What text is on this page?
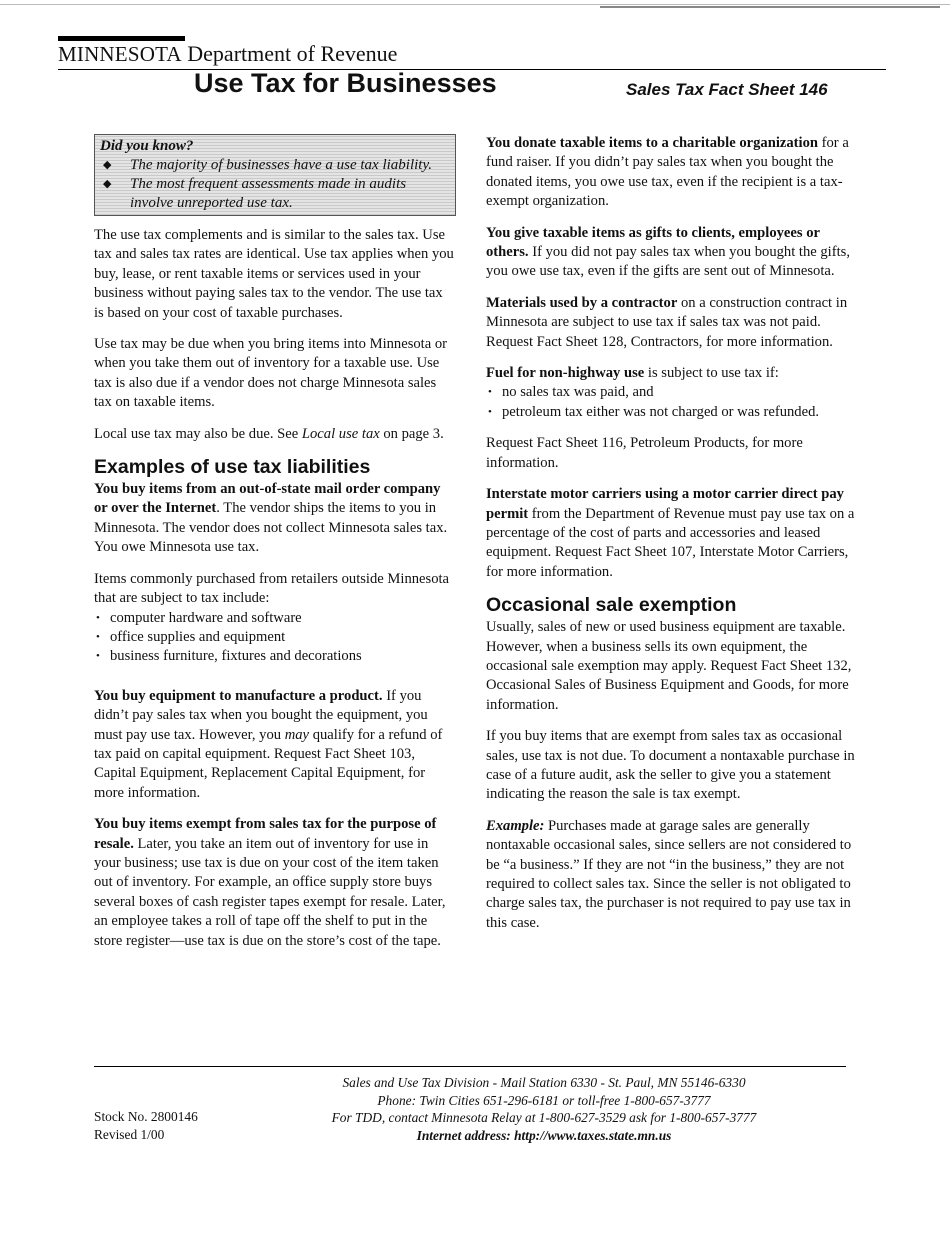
MINNESOTA Department of Revenue
Use Tax for Businesses	Sales Tax Fact Sheet 146
Did you know?
◆ The majority of businesses have a use tax liability.
◆ The most frequent assessments made in audits involve unreported use tax.

The use tax complements and is similar to the sales tax. Use tax and sales tax rates are identical. Use tax applies when you buy, lease, or rent taxable items or services used in your business without paying sales tax to the vendor. The use tax is based on your cost of taxable purchases.

Use tax may be due when you bring items into Minnesota or when you take them out of inventory for a taxable use. Use tax is also due if a vendor does not charge Minnesota sales tax on taxable items.

Local use tax may also be due. See Local use tax on page 3.

Examples of use tax liabilities

You buy items from an out-of-state mail order company or over the Internet. The vendor ships the items to you in Minnesota. The vendor does not collect Minnesota sales tax. You owe Minnesota use tax.

Items commonly purchased from retailers outside Minnesota that are subject to tax include:
• computer hardware and software
• office supplies and equipment
• business furniture, fixtures and decorations

You buy equipment to manufacture a product. If you didn’t pay sales tax when you bought the equipment, you must pay use tax. However, you may qualify for a refund of tax paid on capital equipment. Request Fact Sheet 103, Capital Equipment, Replacement Capital Equipment, for more information.

You buy items exempt from sales tax for the purpose of resale. Later, you take an item out of inventory for use in your business; use tax is due on your cost of the item taken out of inventory. For example, an office supply store buys several boxes of cash register tapes exempt for resale. Later, an employee takes a roll of tape off the shelf to put in the store register—use tax is due on the store’s cost of the tape.

You donate taxable items to a charitable organization for a fund raiser. If you didn’t pay sales tax when you bought the donated items, you owe use tax, even if the recipient is a tax-exempt organization.

You give taxable items as gifts to clients, employees or others. If you did not pay sales tax when you bought the gifts, you owe use tax, even if the gifts are sent out of Minnesota.

Materials used by a contractor on a construction contract in Minnesota are subject to use tax if sales tax was not paid. Request Fact Sheet 128, Contractors, for more information.

Fuel for non-highway use is subject to use tax if:
• no sales tax was paid, and
• petroleum tax either was not charged or was refunded.

Request Fact Sheet 116, Petroleum Products, for more information.

Interstate motor carriers using a motor carrier direct pay permit from the Department of Revenue must pay use tax on a percentage of the cost of parts and accessories and leased equipment. Request Fact Sheet 107, Interstate Motor Carriers, for more information.

Occasional sale exemption

Usually, sales of new or used business equipment are taxable. However, when a business sells its own equipment, the occasional sale exemption may apply. Request Fact Sheet 132, Occasional Sales of Business Equipment and Goods, for more information.

If you buy items that are exempt from sales tax as occasional sales, use tax is not due. To document a nontaxable purchase in case of a future audit, ask the seller to give you a statement indicating the reason the sale is tax exempt.

Example: Purchases made at garage sales are generally nontaxable occasional sales, since sellers are not considered to be “a business.” If they are not “in the business,” they are not required to collect sales tax. Since the seller is not obligated to charge sales tax, the purchaser is not required to pay use tax in this case.

Sales and Use Tax Division - Mail Station 6330 - St. Paul, MN 55146-6330
Phone: Twin Cities 651-296-6181 or toll-free 1-800-657-3777
For TDD, contact Minnesota Relay at 1-800-627-3529 ask for 1-800-657-3777
Internet address: http://www.taxes.state.mn.us
Stock No. 2800146
Revised 1/00
